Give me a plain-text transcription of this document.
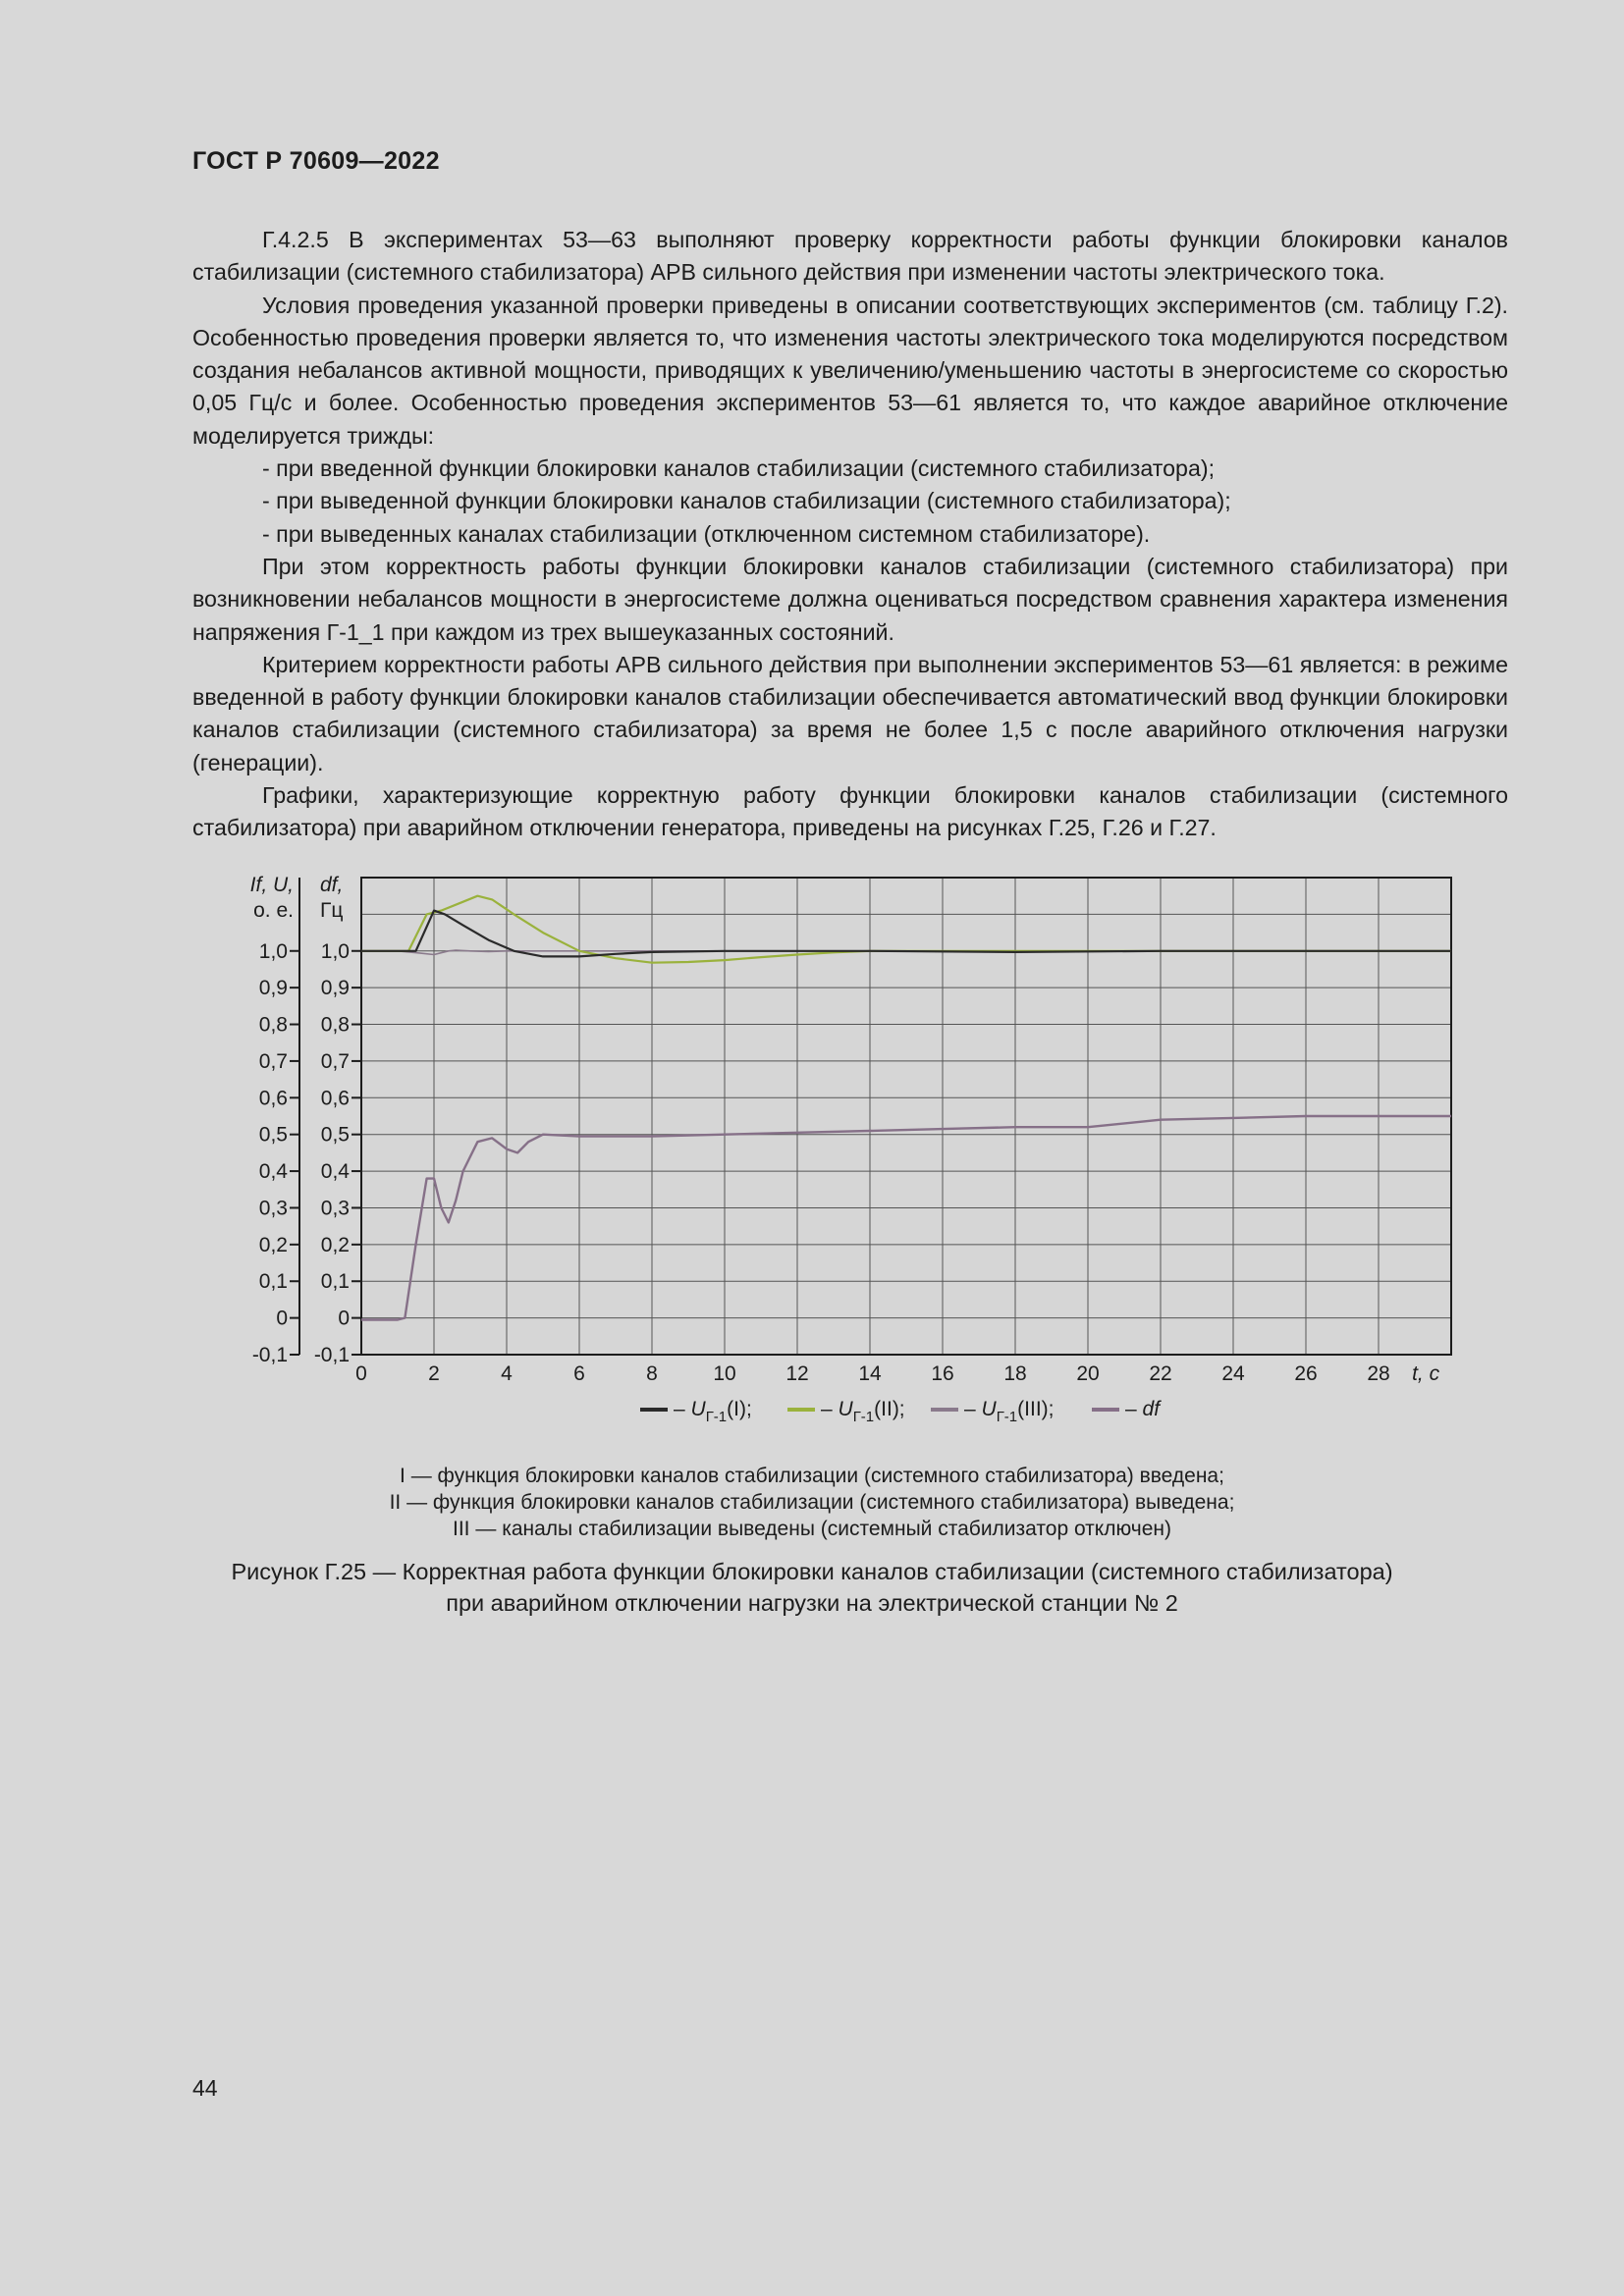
ГОСТ Р 70609—2022

Г.4.2.5 В экспериментах 53—63 выполняют проверку корректности работы функции блокировки каналов стабилизации (системного стабилизатора) АРВ сильного действия при изменении частоты электрического тока.

Условия проведения указанной проверки приведены в описании соответствующих экспериментов (см. таблицу Г.2). Особенностью проведения проверки является то, что изменения частоты электрического тока моделируются посредством создания небалансов активной мощности, приводящих к увеличению/уменьшению частоты в энергосистеме со скоростью 0,05 Гц/с и более. Особенностью проведения экспериментов 53—61 является то, что каждое аварийное отключение моделируется трижды:

- при введенной функции блокировки каналов стабилизации (системного стабилизатора);

- при выведенной функции блокировки каналов стабилизации (системного стабилизатора);

- при выведенных каналах стабилизации (отключенном системном стабилизаторе).

При этом корректность работы функции блокировки каналов стабилизации (системного стабилизатора) при возникновении небалансов мощности в энергосистеме должна оцениваться посредством сравнения характера изменения напряжения Г-1_1 при каждом из трех вышеуказанных состояний.

Критерием корректности работы АРВ сильного действия при выполнении экспериментов 53—61 является: в режиме введенной в работу функции блокировки каналов стабилизации обеспечивается автоматический ввод функции блокировки каналов стабилизации (системного стабилизатора) за время не более 1,5 с после аварийного отключения нагрузки (генерации).

Графики, характеризующие корректную работу функции блокировки каналов стабилизации (системного стабилизатора) при аварийном отключении генератора, приведены на рисунках Г.25, Г.26 и Г.27.

0	2	4	6	8	10 12 14 16 18 20 22 24 26 28 t, с
-0,1
0
0,1
0,2
0,3
0,4
0,5
0,6
0,7
0,8
0,9
1,0
-0,1
0
0,1
0,2
0,3
0,4
0,5
0,6
0,7
0,8
0,9
1,0
If, U,
о. е.
df,
Гц
– $U_{Г-1}(I)$;	– $U_{Г-1}(II)$;	– $U_{Г-1}(III)$;	– df
I — функция блокировки каналов стабилизации (системного стабилизатора) введена;
II — функция блокировки каналов стабилизации (системного стабилизатора) выведена;
III — каналы стабилизации выведены (системный стабилизатор отключен)
Рисунок Г.25 — Корректная работа функции блокировки каналов стабилизации (системного стабилизатора)
при аварийном отключении нагрузки на электрической станции № 2
44
